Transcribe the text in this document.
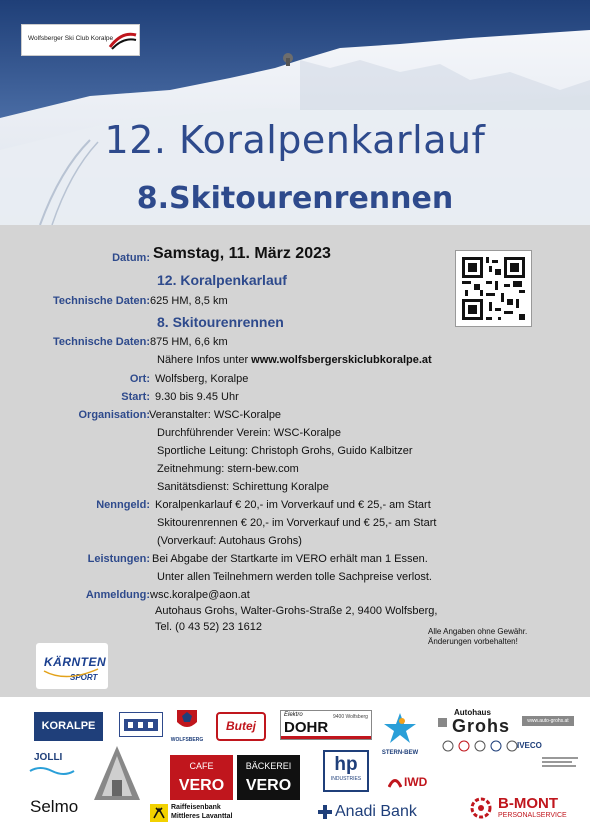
Wolfsberger Ski Club Koralpe
12. Koralpenkarlauf
8.Skitourenrennen
Datum: Samstag, 11. März 2023
12. Koralpenkarlauf
Technische Daten: 625 HM, 8,5 km
8. Skitourenrennen
Technische Daten: 875 HM, 6,6 km
Nähere Infos unter www.wolfsbergerskiclubkoralpe.at
Ort: Wolfsberg, Koralpe
Start: 9.30 bis 9.45 Uhr
Organisation: Veranstalter: WSC-Koralpe
Durchführender Verein: WSC-Koralpe
Sportliche Leitung: Christoph Grohs, Guido Kalbitzer
Zeitnehmung: stern-bew.com
Sanitätsdienst: Schirettung Koralpe
Nenngeld: Koralpenkarlauf € 20,- im Vorverkauf und € 25,- am Start
Skitourenrennen € 20,- im Vorverkauf und € 25,- am Start
(Vorverkauf: Autohaus Grohs)
Leistungen: Bei Abgabe der Startkarte im VERO erhält man 1 Essen.
Unter allen Teilnehmern werden tolle Sachpreise verlost.
Anmeldung: wsc.koralpe@aon.at
Autohaus Grohs, Walter-Grohs-Straße 2, 9400 Wolfsberg,
Tel. (0 43 52) 23 1612	Alle Angaben ohne Gewähr.
Änderungen vorbehalten!
KÄRNTEN
SPORT
KORALPE
WOLFSBERG
Butej
Elektro
DOHR
9400 Wolfsberg
STERN-BEW
Autohaus
Grohs	www.auto-grohs.at
IVECO
JÖLLI
CAFE
VERO
BÄCKEREI
VERO
hp
INDUSTRIES	IWD
Selmo	Raiffeisenbank
Mittleres Lavanttal	Anadi Bank	B-MONT
PERSONALSERVICE
